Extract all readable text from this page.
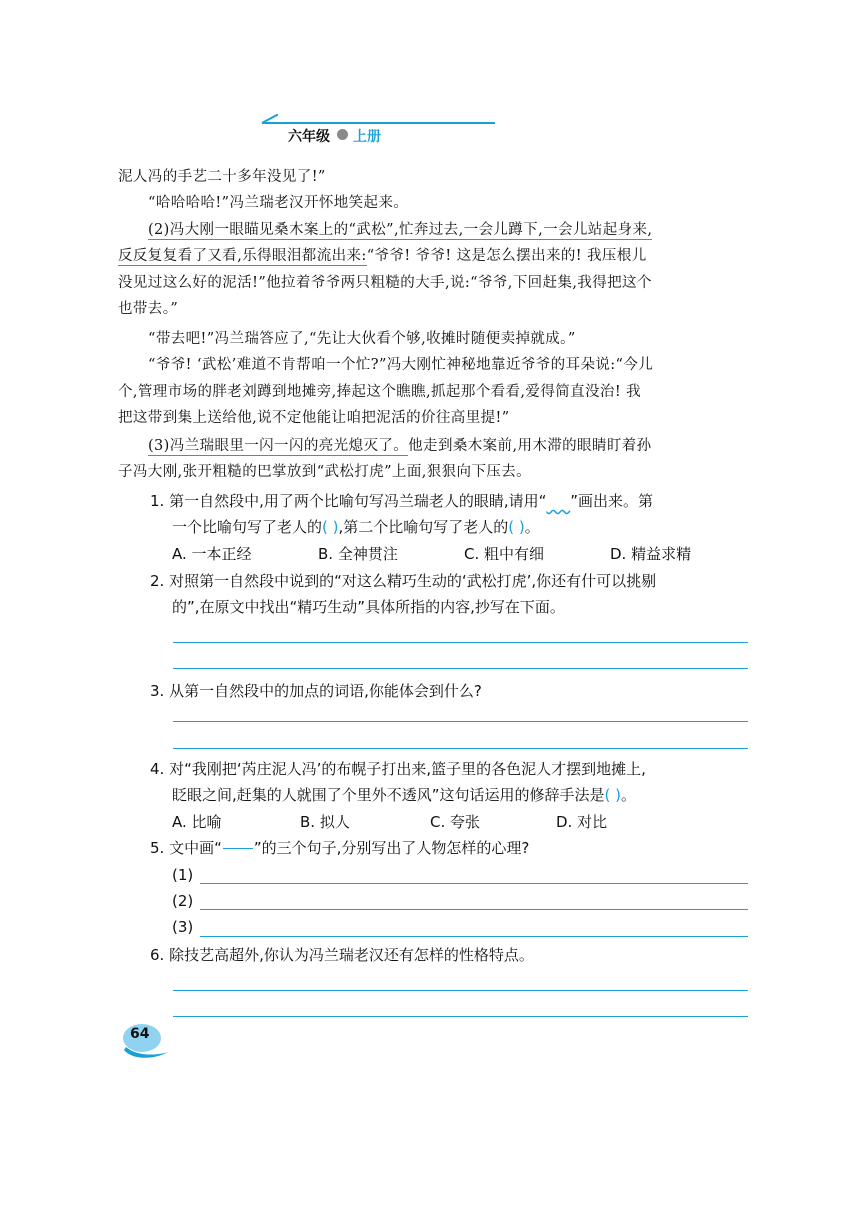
六年级 上册
泥人冯的手艺二十多年没见了!”
“哈哈哈哈!”冯兰瑞老汉开怀地笑起来。
(2)冯大刚一眼瞄见桑木案上的“武松”,忙奔过去,一会儿蹲下,一会儿站起身来,
反反复复看了又看,乐得眼泪都流出来:“爷爷! 爷爷! 这是怎么摆出来的! 我压根儿
没见过这么好的泥活!”他拉着爷爷两只粗糙的大手,说:“爷爷,下回赶集,我得把这个
也带去。”
“带去吧!”冯兰瑞答应了,“先让大伙看个够,收摊时随便卖掉就成。”
“爷爷! ‘武松’难道不肯帮咱一个忙?”冯大刚忙神秘地靠近爷爷的耳朵说:“今儿
个,管理市场的胖老刘蹲到地摊旁,捧起这个瞧瞧,抓起那个看看,爱得简直没治! 我
把这带到集上送给他,说不定他能让咱把泥活的价往高里提!”
(3)冯兰瑞眼里一闪一闪的亮光熄灭了。他走到桑木案前,用木滞的眼睛盯着孙
子冯大刚,张开粗糙的巴掌放到“武松打虎”上面,狠狠向下压去。
1. 第一自然段中,用了两个比喻句写冯兰瑞老人的眼睛,请用“ ”画出来。第
一个比喻句写了老人的( ),第二个比喻句写了老人的( )。
A. 一本正经	B. 全神贯注	C. 粗中有细	D. 精益求精
2. 对照第一自然段中说到的“对这么精巧生动的‘武松打虎’,你还有什可以挑剔
的”,在原文中找出“精巧生动”具体所指的内容,抄写在下面。
3. 从第一自然段中的加点的词语,你能体会到什么?
4. 对“我刚把‘芮庄泥人冯’的布幌子打出来,篮子里的各色泥人才摆到地摊上,
眨眼之间,赶集的人就围了个里外不透风”这句话运用的修辞手法是( )。
A. 比喻	B. 拟人	C. 夸张	D. 对比
5. 文中画“ ”的三个句子,分别写出了人物怎样的心理?
(1)
(2)
(3)
6. 除技艺高超外,你认为冯兰瑞老汉还有怎样的性格特点。
64
